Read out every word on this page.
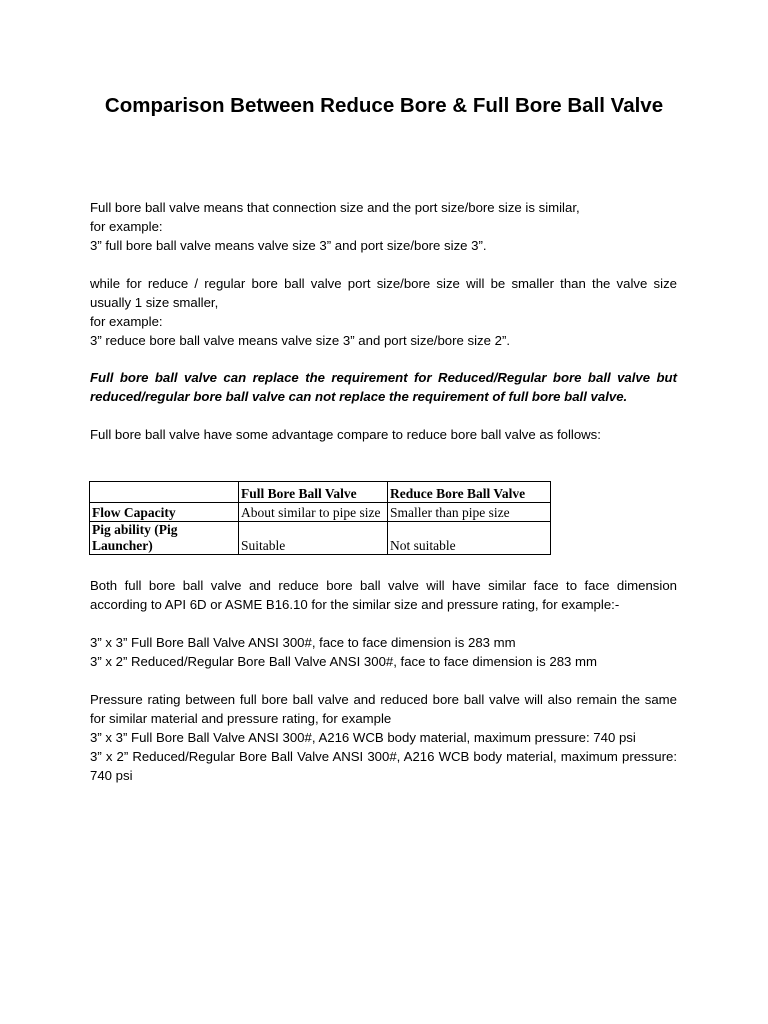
Comparison Between Reduce Bore & Full Bore Ball Valve

Full bore ball valve means that connection size and the port size/bore size is similar,

for example:

3” full bore ball valve means valve size 3” and port size/bore size 3”.

while for reduce / regular bore ball valve port size/bore size will be smaller than the valve size usually 1 size smaller,

for example:

3” reduce bore ball valve means valve size 3” and port size/bore size 2”.

Full bore ball valve can replace the requirement for Reduced/Regular bore ball valve but reduced/regular bore ball valve can not replace the requirement of full bore ball valve.

Full bore ball valve have some advantage compare to reduce bore ball valve as follows:

	Full Bore Ball Valve	Reduce Bore Ball Valve
Flow Capacity	About similar to pipe size	Smaller than pipe size
Pig ability (Pig Launcher)	Suitable	Not suitable

Both full bore ball valve and reduce bore ball valve will have similar face to face dimension according to API 6D or ASME B16.10 for the similar size and pressure rating, for example:-

3” x 3” Full Bore Ball Valve ANSI 300#, face to face dimension is 283 mm

3” x 2” Reduced/Regular Bore Ball Valve ANSI 300#, face to face dimension is 283 mm

Pressure rating between full bore ball valve and reduced bore ball valve will also remain the same for similar material and pressure rating, for example

3” x 3” Full Bore Ball Valve ANSI 300#, A216 WCB body material, maximum pressure: 740 psi

3” x 2” Reduced/Regular Bore Ball Valve ANSI 300#, A216 WCB body material, maximum pressure: 740 psi
